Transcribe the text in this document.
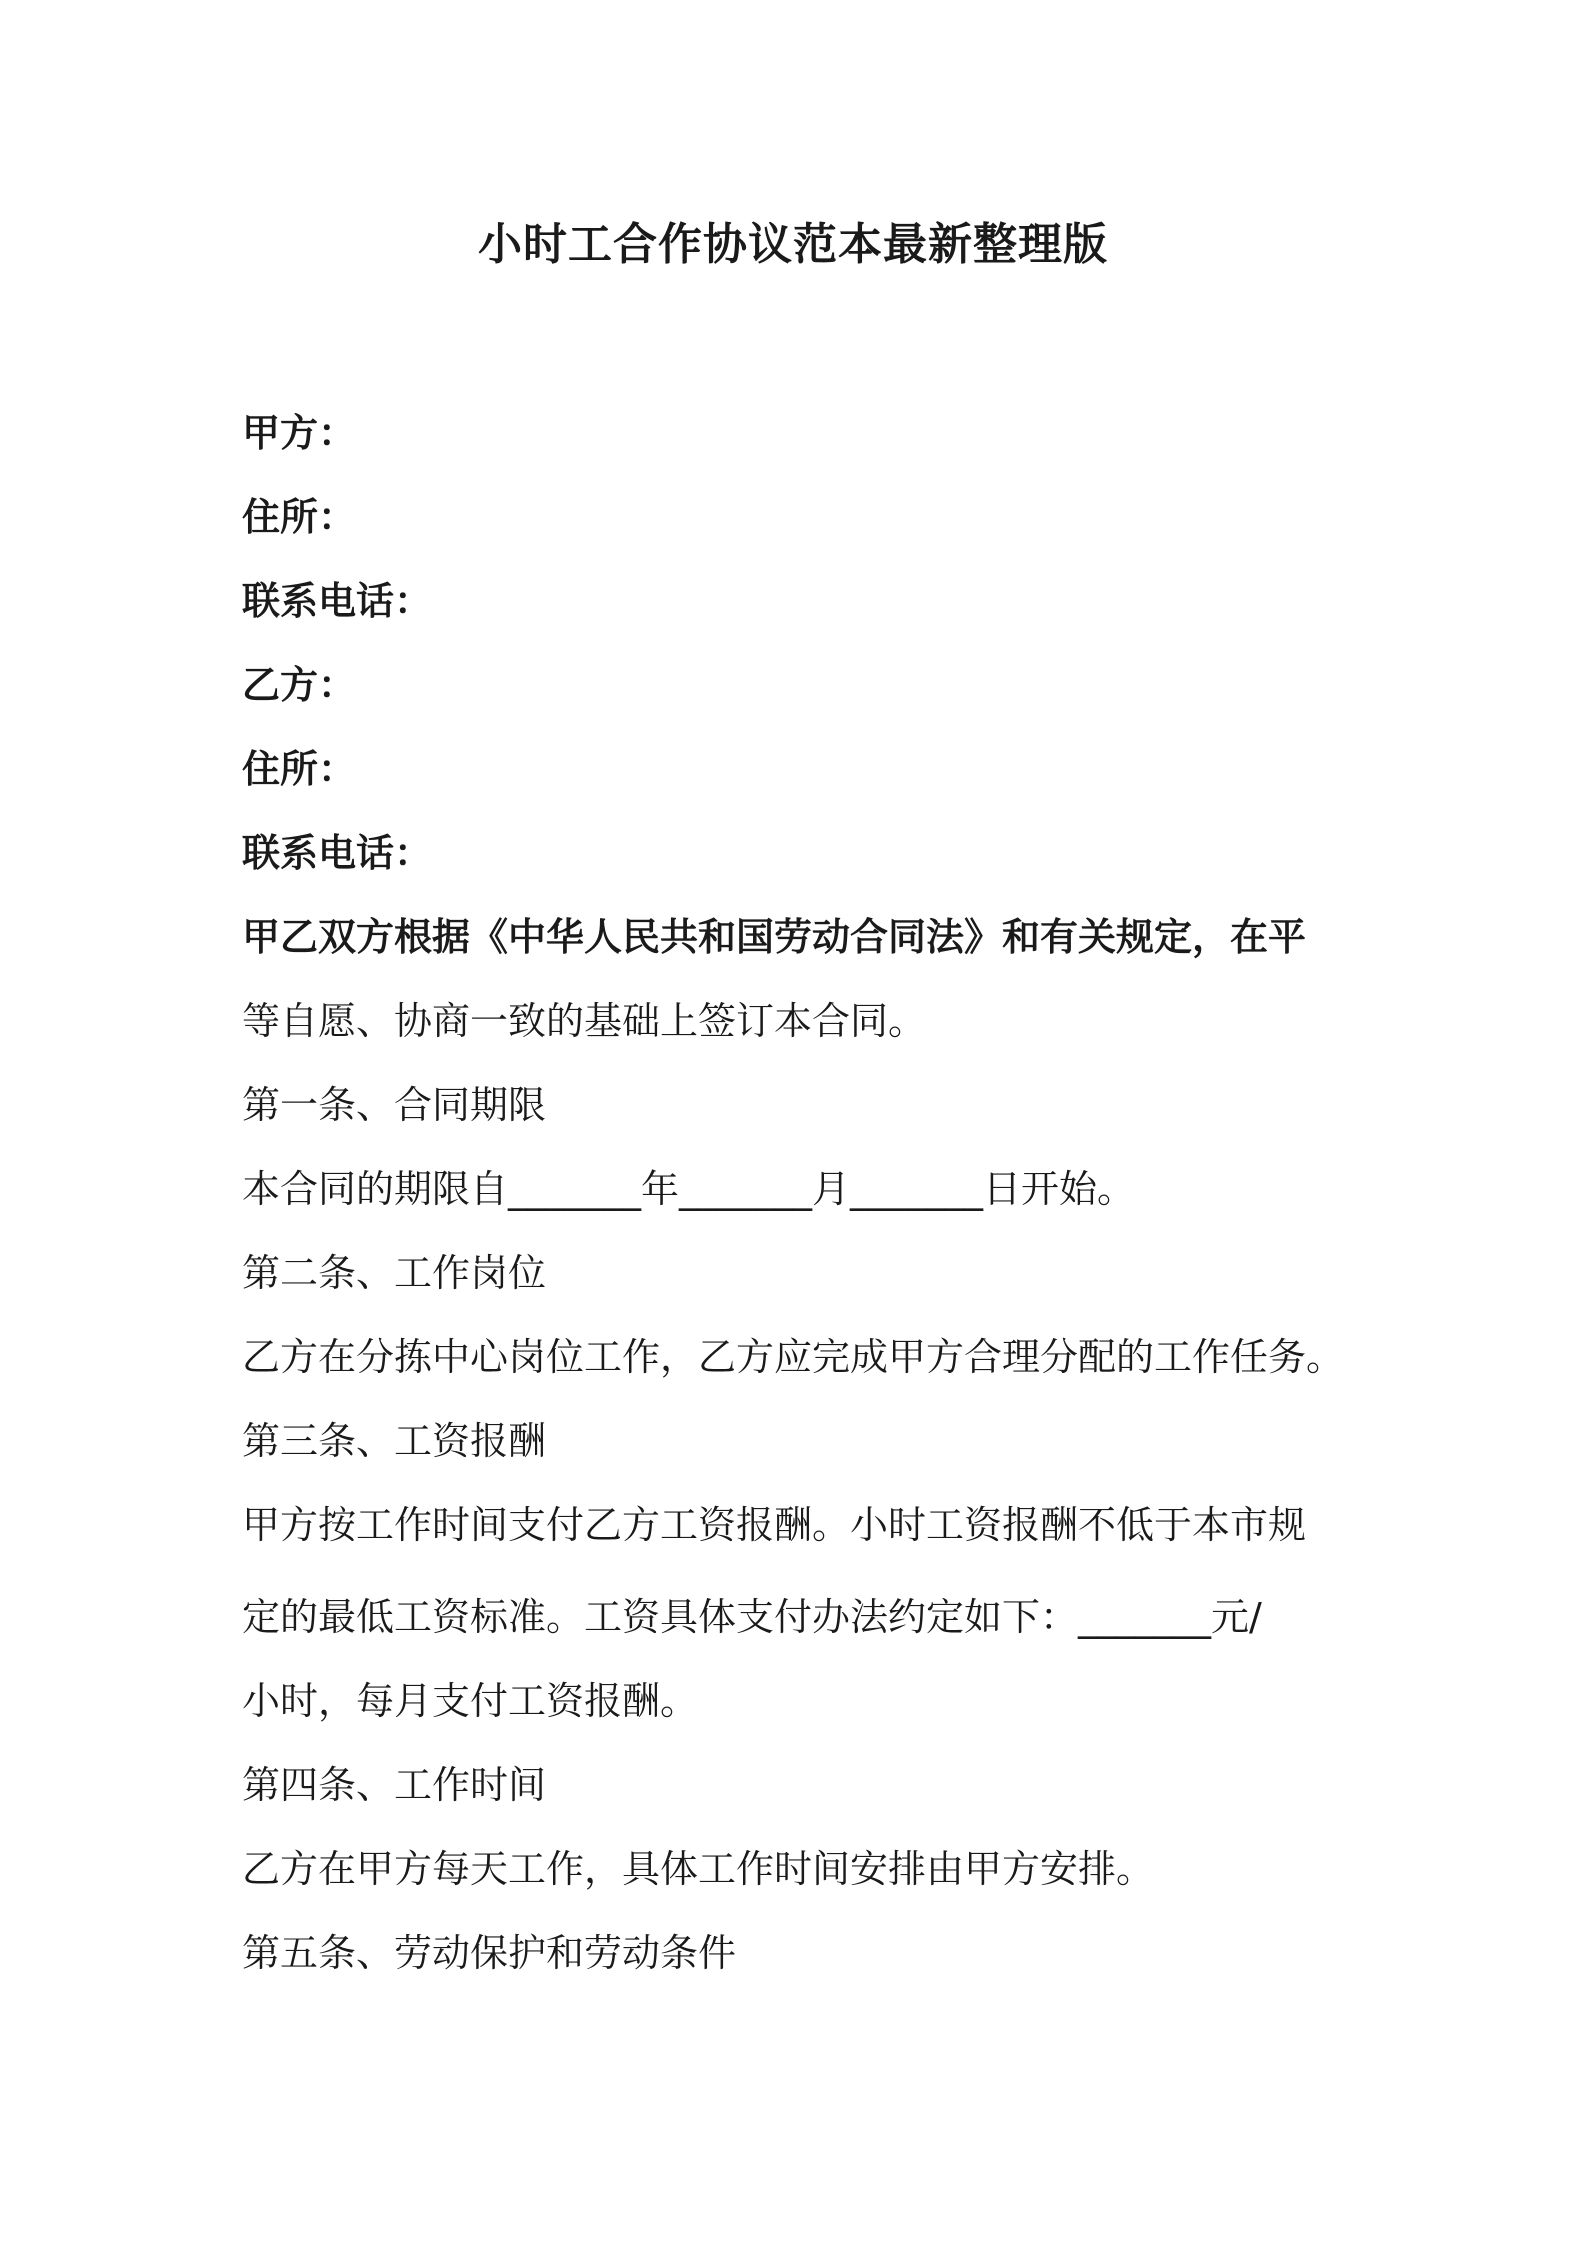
小时工合作协议范本最新整理版
甲方：
住所：
联系电话：
乙方：
住所：
联系电话：
甲乙双方根据《中华人民共和国劳动合同法》和有关规定，在平
等自愿、协商一致的基础上签订本合同。
第一条、合同期限
本合同的期限自_______年_______月_______日开始。
第二条、工作岗位
乙方在分拣中心岗位工作，乙方应完成甲方合理分配的工作任务。
第三条、工资报酬
甲方按工作时间支付乙方工资报酬。小时工资报酬不低于本市规
定的最低工资标准。工资具体支付办法约定如下：_______元/
小时，每月支付工资报酬。
第四条、工作时间
乙方在甲方每天工作，具体工作时间安排由甲方安排。
第五条、劳动保护和劳动条件
